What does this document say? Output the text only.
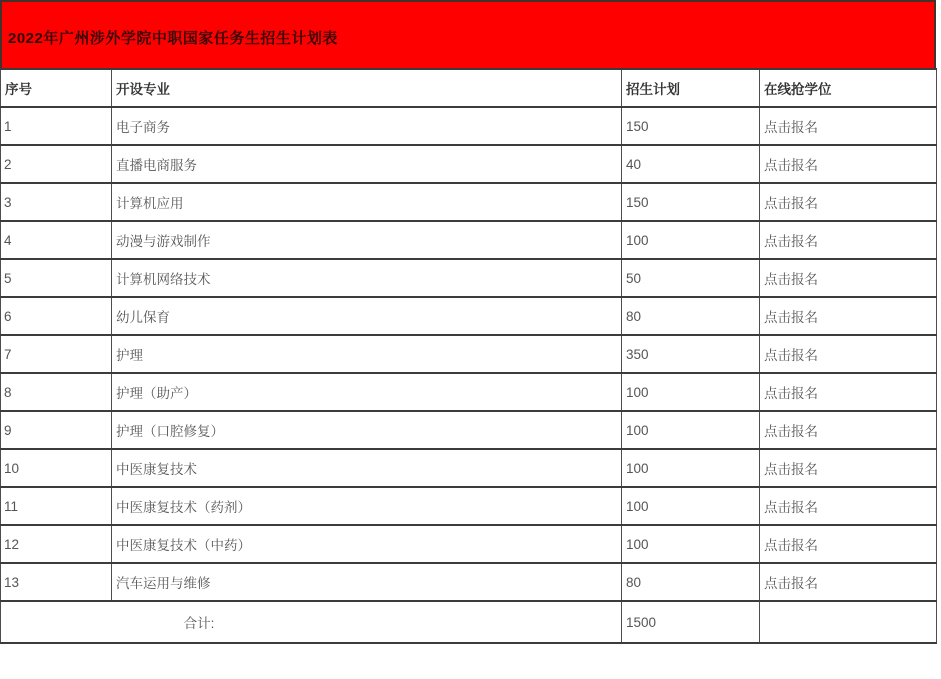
2022年广州涉外学院中职国家任务生招生计划表
序号	开设专业	招生计划	在线抢学位
1	电子商务	150	点击报名
2	直播电商服务	40	点击报名
3	计算机应用	150	点击报名
4	动漫与游戏制作	100	点击报名
5	计算机网络技术	50	点击报名
6	幼儿保育	80	点击报名
7	护理	350	点击报名
8	护理（助产）	100	点击报名
9	护理（口腔修复）	100	点击报名
10	中医康复技术	100	点击报名
11	中医康复技术（药剂）	100	点击报名
12	中医康复技术（中药）	100	点击报名
13	汽车运用与维修	80	点击报名
合计:		1500	
